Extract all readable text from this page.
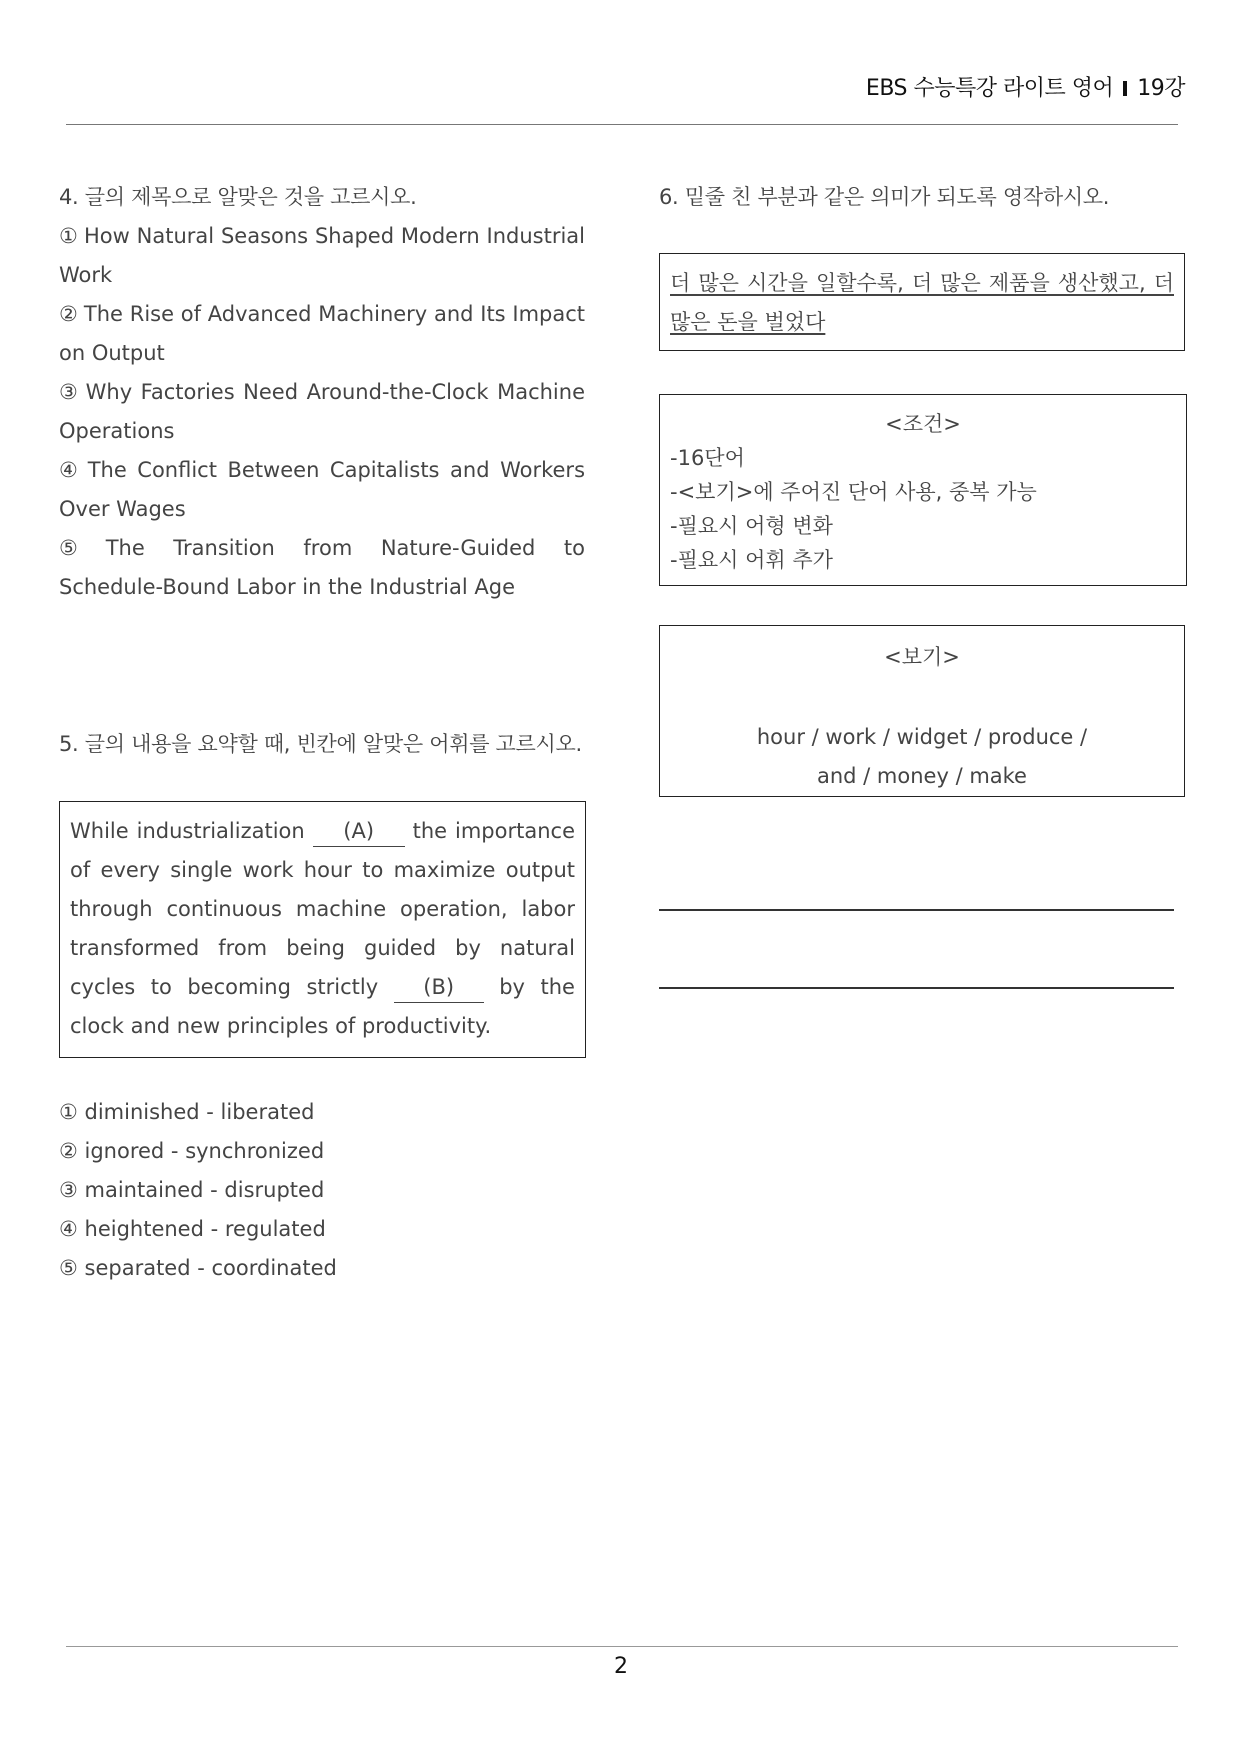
EBS 수능특강 라이트 영어 19강
4. 글의 제목으로 알맞은 것을 고르시오.
① How Natural Seasons Shaped Modern Industrial Work
② The Rise of Advanced Machinery and Its Impact on Output
③ Why Factories Need Around-the-Clock Machine Operations
④ The Conflict Between Capitalists and Workers Over Wages
⑤ The Transition from Nature-Guided to Schedule-Bound Labor in the Industrial Age
5. 글의 내용을 요약할 때, 빈칸에 알맞은 어휘를 고르시오.
While industrialization (A) the importance of every single work hour to maximize output through continuous machine operation, labor transformed from being guided by natural cycles to becoming strictly (B) by the clock and new principles of productivity.
① diminished - liberated
② ignored - synchronized
③ maintained - disrupted
④ heightened - regulated
⑤ separated - coordinated
6. 밑줄 친 부분과 같은 의미가 되도록 영작하시오.
더 많은 시간을 일할수록, 더 많은 제품을 생산했고, 더 많은 돈을 벌었다
<조건>
-16단어
-<보기>에 주어진 단어 사용, 중복 가능
-필요시 어형 변화
-필요시 어휘 추가
<보기>
hour / work / widget / produce /
and / money / make
2
